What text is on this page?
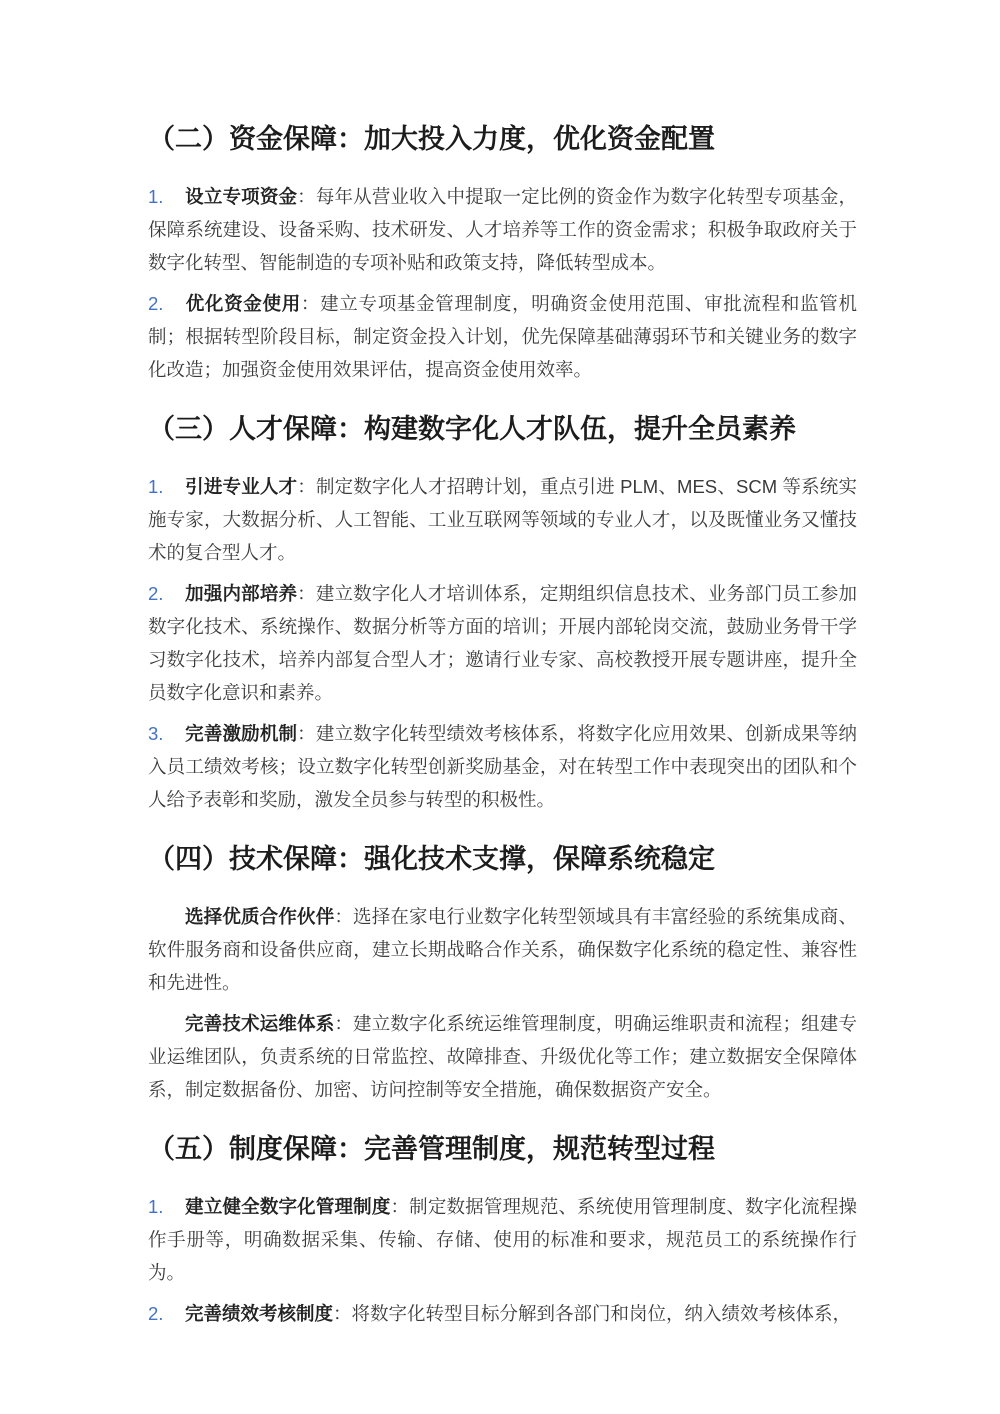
（二）资金保障：加大投入力度，优化资金配置

1. 设立专项资金：每年从营业收入中提取一定比例的资金作为数字化转型专项基金，保障系统建设、设备采购、技术研发、人才培养等工作的资金需求；积极争取政府关于数字化转型、智能制造的专项补贴和政策支持，降低转型成本。

2. 优化资金使用：建立专项基金管理制度，明确资金使用范围、审批流程和监管机制；根据转型阶段目标，制定资金投入计划，优先保障基础薄弱环节和关键业务的数字化改造；加强资金使用效果评估，提高资金使用效率。

（三）人才保障：构建数字化人才队伍，提升全员素养

1. 引进专业人才：制定数字化人才招聘计划，重点引进 PLM、MES、SCM 等系统实施专家，大数据分析、人工智能、工业互联网等领域的专业人才，以及既懂业务又懂技术的复合型人才。

2. 加强内部培养：建立数字化人才培训体系，定期组织信息技术、业务部门员工参加数字化技术、系统操作、数据分析等方面的培训；开展内部轮岗交流，鼓励业务骨干学习数字化技术，培养内部复合型人才；邀请行业专家、高校教授开展专题讲座，提升全员数字化意识和素养。

3. 完善激励机制：建立数字化转型绩效考核体系，将数字化应用效果、创新成果等纳入员工绩效考核；设立数字化转型创新奖励基金，对在转型工作中表现突出的团队和个人给予表彰和奖励，激发全员参与转型的积极性。

（四）技术保障：强化技术支撑，保障系统稳定

选择优质合作伙伴：选择在家电行业数字化转型领域具有丰富经验的系统集成商、软件服务商和设备供应商，建立长期战略合作关系，确保数字化系统的稳定性、兼容性和先进性。

完善技术运维体系：建立数字化系统运维管理制度，明确运维职责和流程；组建专业运维团队，负责系统的日常监控、故障排查、升级优化等工作；建立数据安全保障体系，制定数据备份、加密、访问控制等安全措施，确保数据资产安全。

（五）制度保障：完善管理制度，规范转型过程

1. 建立健全数字化管理制度：制定数据管理规范、系统使用管理制度、数字化流程操作手册等，明确数据采集、传输、存储、使用的标准和要求，规范员工的系统操作行为。

2. 完善绩效考核制度：将数字化转型目标分解到各部门和岗位，纳入绩效考核体系，
